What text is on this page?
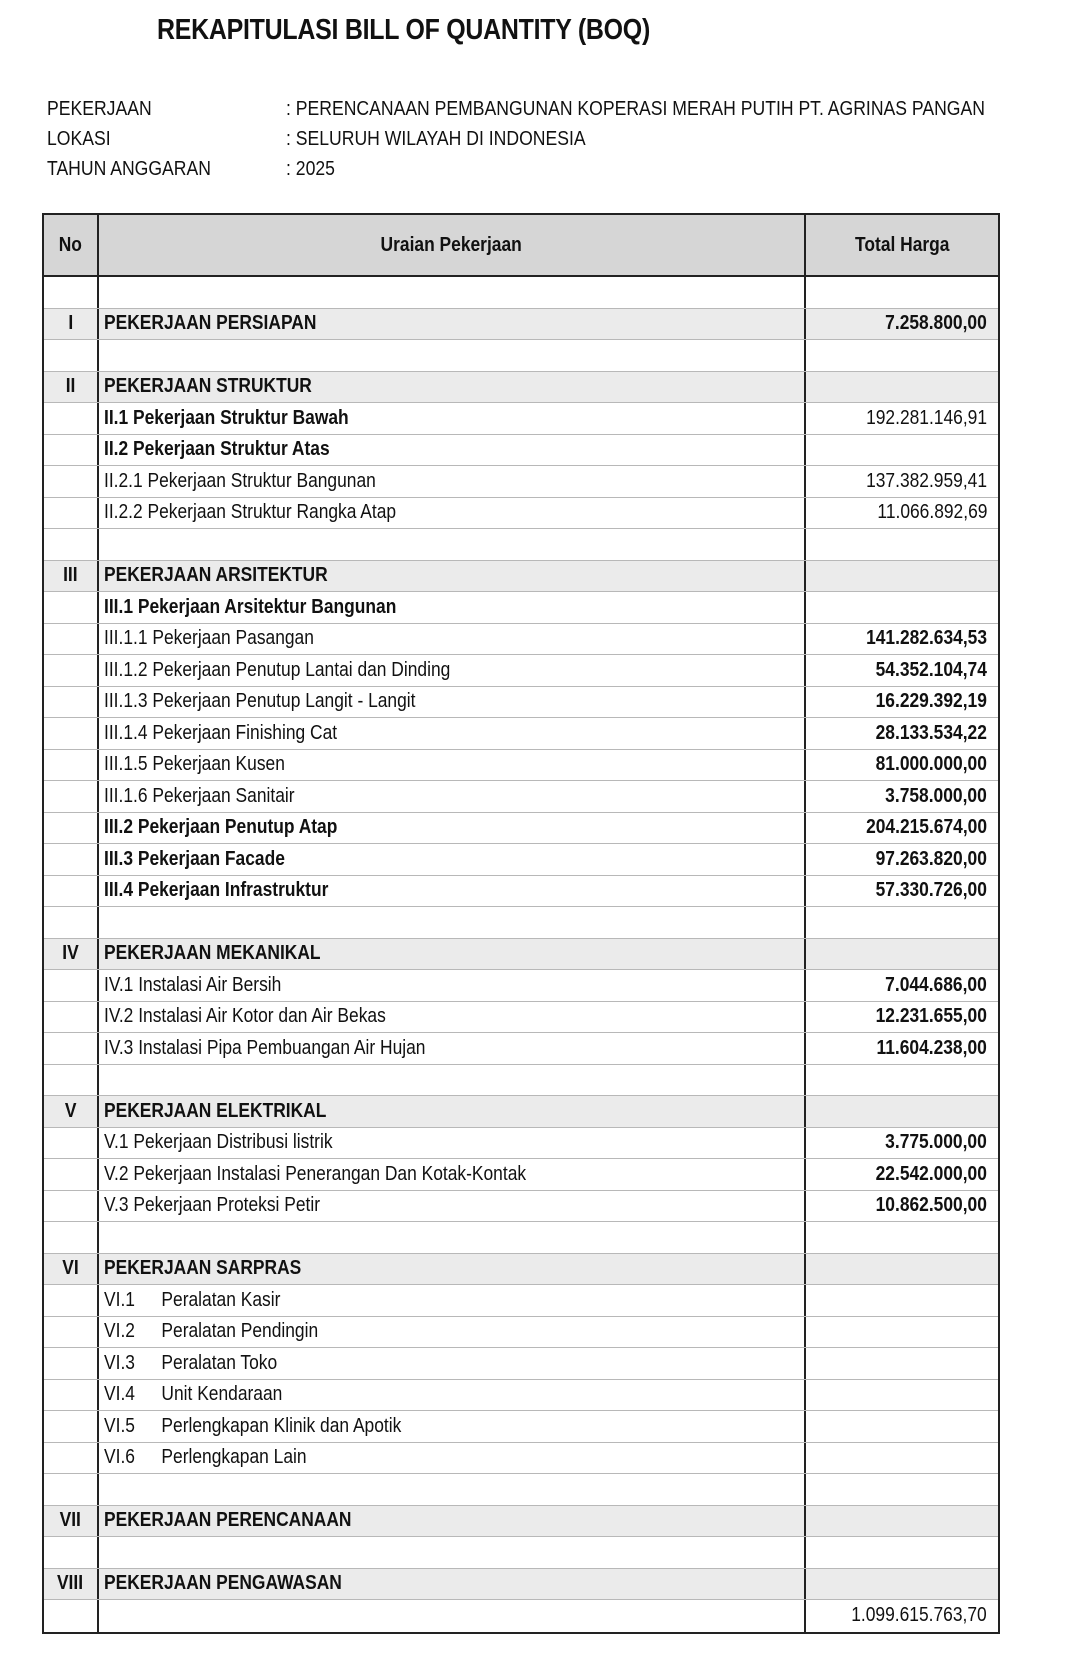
REKAPITULASI BILL OF QUANTITY (BOQ)
PEKERJAAN	: PERENCANAAN PEMBANGUNAN KOPERASI MERAH PUTIH PT. AGRINAS PANGAN
LOKASI	: SELURUH WILAYAH DI INDONESIA
TAHUN ANGGARAN	: 2025
No	Uraian Pekerjaan	Total Harga
I PEKERJAAN PERSIAPAN	7.258.800,00
II PEKERJAAN STRUKTUR
II.1 Pekerjaan Struktur Bawah	192.281.146,91
II.2 Pekerjaan Struktur Atas
II.2.1 Pekerjaan Struktur Bangunan	137.382.959,41
II.2.2 Pekerjaan Struktur Rangka Atap	11.066.892,69
III PEKERJAAN ARSITEKTUR
III.1 Pekerjaan Arsitektur Bangunan
III.1.1 Pekerjaan Pasangan	141.282.634,53
III.1.2 Pekerjaan Penutup Lantai dan Dinding	54.352.104,74
III.1.3 Pekerjaan Penutup Langit - Langit	16.229.392,19
III.1.4 Pekerjaan Finishing Cat	28.133.534,22
III.1.5 Pekerjaan Kusen	81.000.000,00
III.1.6 Pekerjaan Sanitair	3.758.000,00
III.2 Pekerjaan Penutup Atap	204.215.674,00
III.3 Pekerjaan Facade	97.263.820,00
III.4 Pekerjaan Infrastruktur	57.330.726,00
IV PEKERJAAN MEKANIKAL
IV.1 Instalasi Air Bersih	7.044.686,00
IV.2 Instalasi Air Kotor dan Air Bekas	12.231.655,00
IV.3 Instalasi Pipa Pembuangan Air Hujan	11.604.238,00
V PEKERJAAN ELEKTRIKAL
V.1 Pekerjaan Distribusi listrik	3.775.000,00
V.2 Pekerjaan Instalasi Penerangan Dan Kotak-Kontak	22.542.000,00
V.3 Pekerjaan Proteksi Petir	10.862.500,00
VI PEKERJAAN SARPRAS
VI.1 Peralatan Kasir
VI.2 Peralatan Pendingin
VI.3 Peralatan Toko
VI.4 Unit Kendaraan
VI.5 Perlengkapan Klinik dan Apotik
VI.6 Perlengkapan Lain
VII PEKERJAAN PERENCANAAN
VIII PEKERJAAN PENGAWASAN
1.099.615.763,70
